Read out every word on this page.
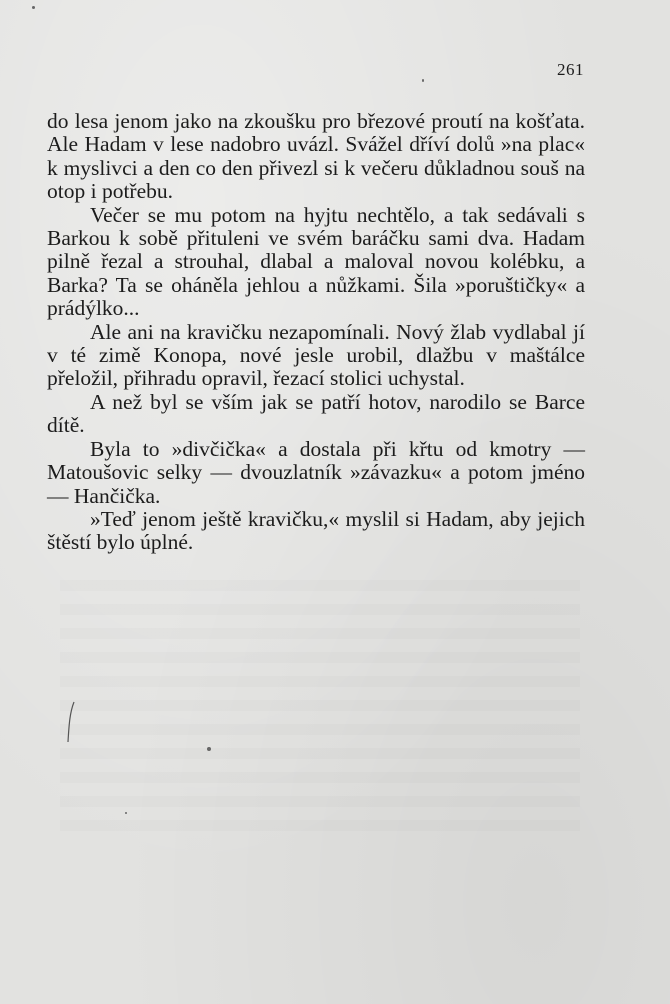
261

do lesa jenom jako na zkoušku pro březové proutí na košťata. Ale Hadam v lese nadobro uvázl. Svážel dříví dolů »na plac« k myslivci a den co den přivezl si k večeru důkladnou souš na otop i potřebu.

Večer se mu potom na hyjtu nechtělo, a tak sedávali s Barkou k sobě přituleni ve svém baráčku sami dva. Hadam pilně řezal a strouhal, dlabal a maloval novou kolébku, a Barka? Ta se oháněla jehlou a nůžkami. Šila »poruštičky« a prádýlko...

Ale ani na kravičku nezapomínali. Nový žlab vydlabal jí v té zimě Konopa, nové jesle urobil, dlažbu v maštálce přeložil, přihradu opravil, řezací stolici uchystal.

A než byl se vším jak se patří hotov, narodilo se Barce dítě.

Byla to »divčička« a dostala při křtu od kmotry — Matoušovic selky — dvouzlatník »závazku« a potom jméno — Hančička.

»Teď jenom ještě kravičku,« myslil si Hadam, aby jejich štěstí bylo úplné.
